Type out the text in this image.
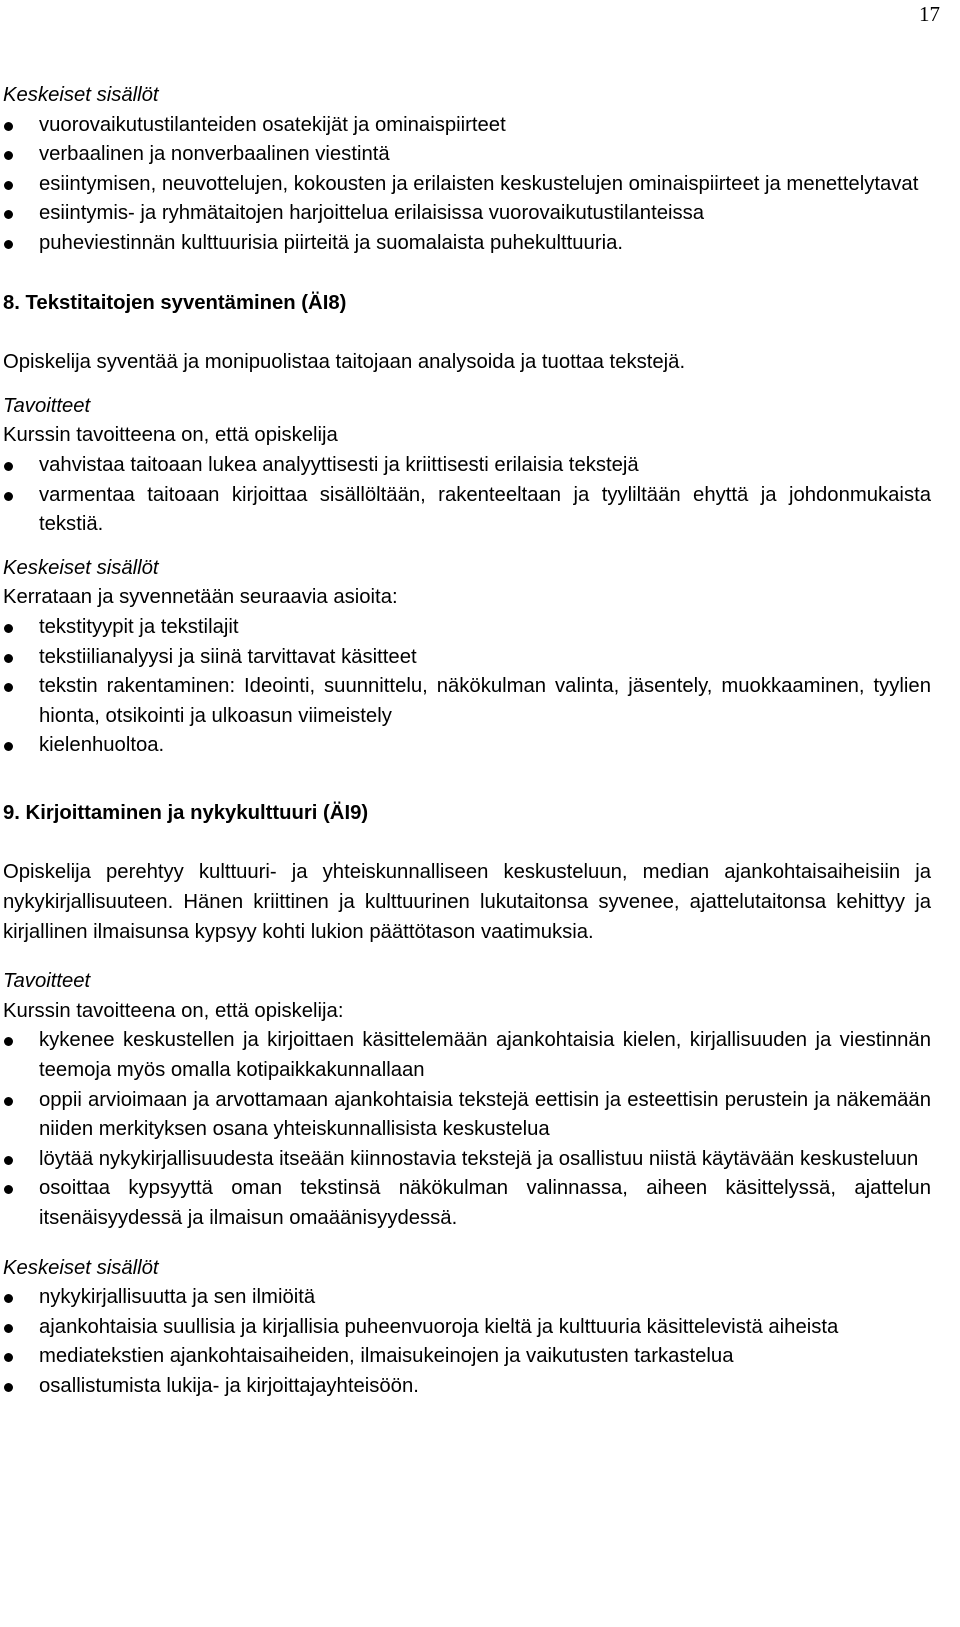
17

Keskeiset sisällöt

vuorovaikutustilanteiden osatekijät ja ominaispiirteet
verbaalinen ja nonverbaalinen viestintä
esiintymisen, neuvottelujen, kokousten ja erilaisten keskustelujen ominaispiirteet ja menettelytavat
esiintymis- ja ryhmätaitojen harjoittelua erilaisissa vuorovaikutustilanteissa
puheviestinnän kulttuurisia piirteitä ja suomalaista puhekulttuuria.

8. Tekstitaitojen syventäminen (ÄI8)

Opiskelija syventää ja monipuolistaa taitojaan analysoida ja tuottaa tekstejä.

Tavoitteet

Kurssin tavoitteena on, että opiskelija

vahvistaa taitoaan lukea analyyttisesti ja kriittisesti erilaisia tekstejä
varmentaa taitoaan kirjoittaa sisällöltään, rakenteeltaan ja tyyliltään ehyttä ja johdonmukaista tekstiä.

Keskeiset sisällöt

Kerrataan ja syvennetään seuraavia asioita:

tekstityypit ja tekstilajit
tekstiilianalyysi ja siinä tarvittavat käsitteet
tekstin rakentaminen: Ideointi, suunnittelu, näkökulman valinta, jäsentely, muokkaaminen, tyylien hionta, otsikointi ja ulkoasun viimeistely
kielenhuoltoa.

9. Kirjoittaminen ja nykykulttuuri (ÄI9)

Opiskelija perehtyy kulttuuri- ja yhteiskunnalliseen keskusteluun, median ajankohtaisaiheisiin ja nykykirjallisuuteen. Hänen kriittinen ja kulttuurinen lukutaitonsa syvenee, ajattelutaitonsa kehittyy ja kirjallinen ilmaisunsa kypsyy kohti lukion päättötason vaatimuksia.

Tavoitteet

Kurssin tavoitteena on, että opiskelija:

kykenee keskustellen ja kirjoittaen käsittelemään ajankohtaisia kielen, kirjallisuuden ja viestinnän teemoja myös omalla kotipaikkakunnallaan
oppii arvioimaan ja arvottamaan ajankohtaisia tekstejä eettisin ja esteettisin perustein ja näkemään niiden merkityksen osana yhteiskunnallisista keskustelua
löytää nykykirjallisuudesta itseään kiinnostavia tekstejä ja osallistuu niistä käytävään keskusteluun
osoittaa kypsyyttä oman tekstinsä näkökulman valinnassa, aiheen käsittelyssä, ajattelun itsenäisyydessä ja ilmaisun omaäänisyydessä.

Keskeiset sisällöt

nykykirjallisuutta ja sen ilmiöitä
ajankohtaisia suullisia ja kirjallisia puheenvuoroja kieltä ja kulttuuria käsittelevistä aiheista
mediatekstien ajankohtaisaiheiden, ilmaisukeinojen ja vaikutusten tarkastelua
osallistumista lukija- ja kirjoittajayhteisöön.
